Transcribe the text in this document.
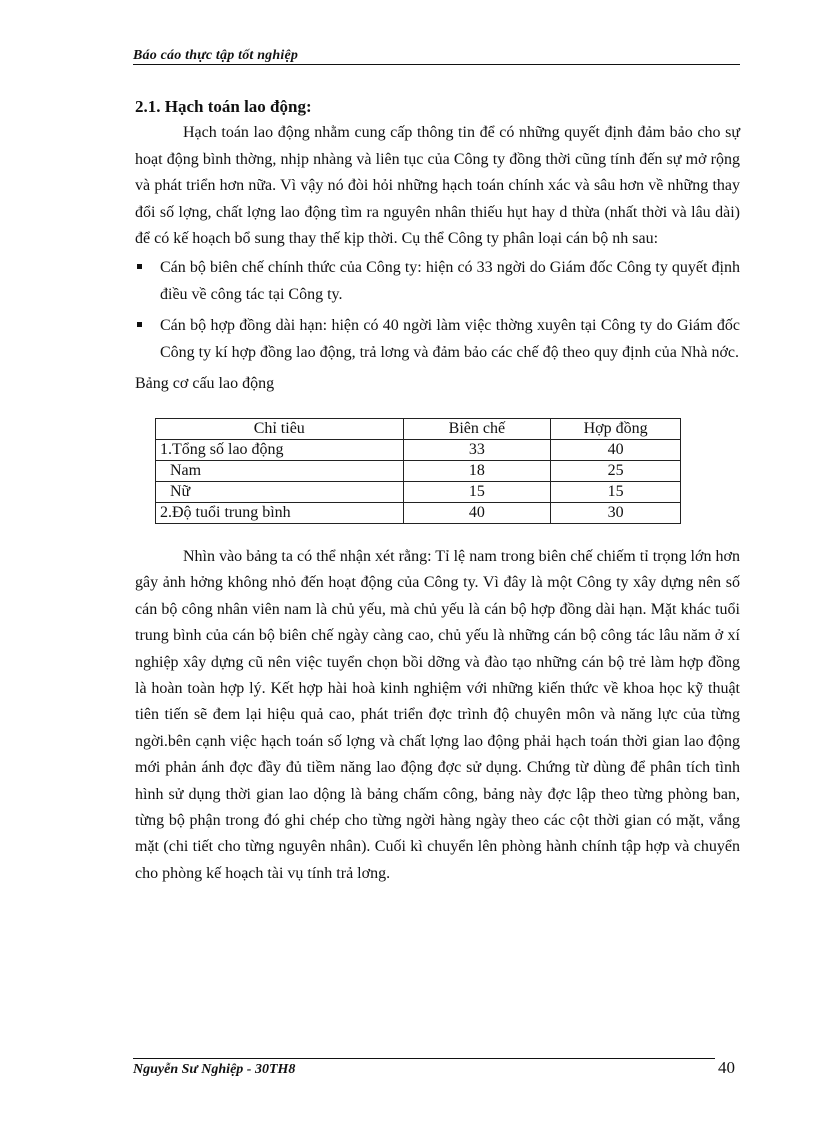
Báo cáo thực tập tốt nghiệp
2.1. Hạch toán lao động:

Hạch toán lao động nhằm cung cấp thông tin để có những quyết định đảm bảo cho sự hoạt động bình thờng, nhịp nhàng và liên tục của Công ty đồng thời cũng tính đến sự mở rộng và phát triển hơn nữa. Vì vậy nó đòi hỏi những hạch toán chính xác và sâu hơn về những thay đổi số lợng, chất lợng lao động tìm ra nguyên nhân thiếu hụt hay d thừa (nhất thời và lâu dài) để có kế hoạch bổ sung thay thế kịp thời. Cụ thể Công ty phân loại cán bộ nh sau:

Cán bộ biên chế chính thức của Công ty: hiện có 33 ngời do Giám đốc Công ty quyết định điều về công tác tại Công ty.
Cán bộ hợp đồng dài hạn: hiện có 40 ngời làm việc thờng xuyên tại Công ty do Giám đốc Công ty kí hợp đồng lao động, trả lơng và đảm bảo các chế độ theo quy định của Nhà nớc.

Bảng cơ cấu lao động

Chỉ tiêu	Biên chế	Hợp đồng
1.Tổng số lao động	33	40
Nam	18	25
Nữ	15	15
2.Độ tuổi trung bình	40	30

Nhìn vào bảng ta có thể nhận xét rằng: Tỉ lệ nam trong biên chế chiếm tỉ trọng lớn hơn gây ảnh hởng không nhỏ đến hoạt động của Công ty. Vì đây là một Công ty xây dựng nên số cán bộ công nhân viên nam là chủ yếu, mà chủ yếu là cán bộ hợp đồng dài hạn. Mặt khác tuổi trung bình của cán bộ biên chế ngày càng cao, chủ yếu là những cán bộ công tác lâu năm ở xí nghiệp xây dựng cũ nên việc tuyển chọn bồi dỡng và đào tạo những cán bộ trẻ làm hợp đồng là hoàn toàn hợp lý. Kết hợp hài hoà kinh nghiệm với những kiến thức về khoa học kỹ thuật tiên tiến sẽ đem lại hiệu quả cao, phát triển đợc trình độ chuyên môn và năng lực của từng ngời.bên cạnh việc hạch toán số lợng và chất lợng lao động phải hạch toán thời gian lao động mới phản ánh đợc đầy đủ tiềm năng lao động đợc sử dụng. Chứng từ dùng để phân tích tình hình sử dụng thời gian lao dộng là bảng chấm công, bảng này đợc lập theo từng phòng ban, từng bộ phận trong đó ghi chép cho từng ngời hàng ngày theo các cột thời gian có mặt, vắng mặt (chi tiết cho từng nguyên nhân). Cuối kì chuyển lên phòng hành chính tập hợp và chuyển cho phòng kế hoạch tài vụ tính trả lơng.

Nguyễn Sư Nghiệp - 30TH8	40
